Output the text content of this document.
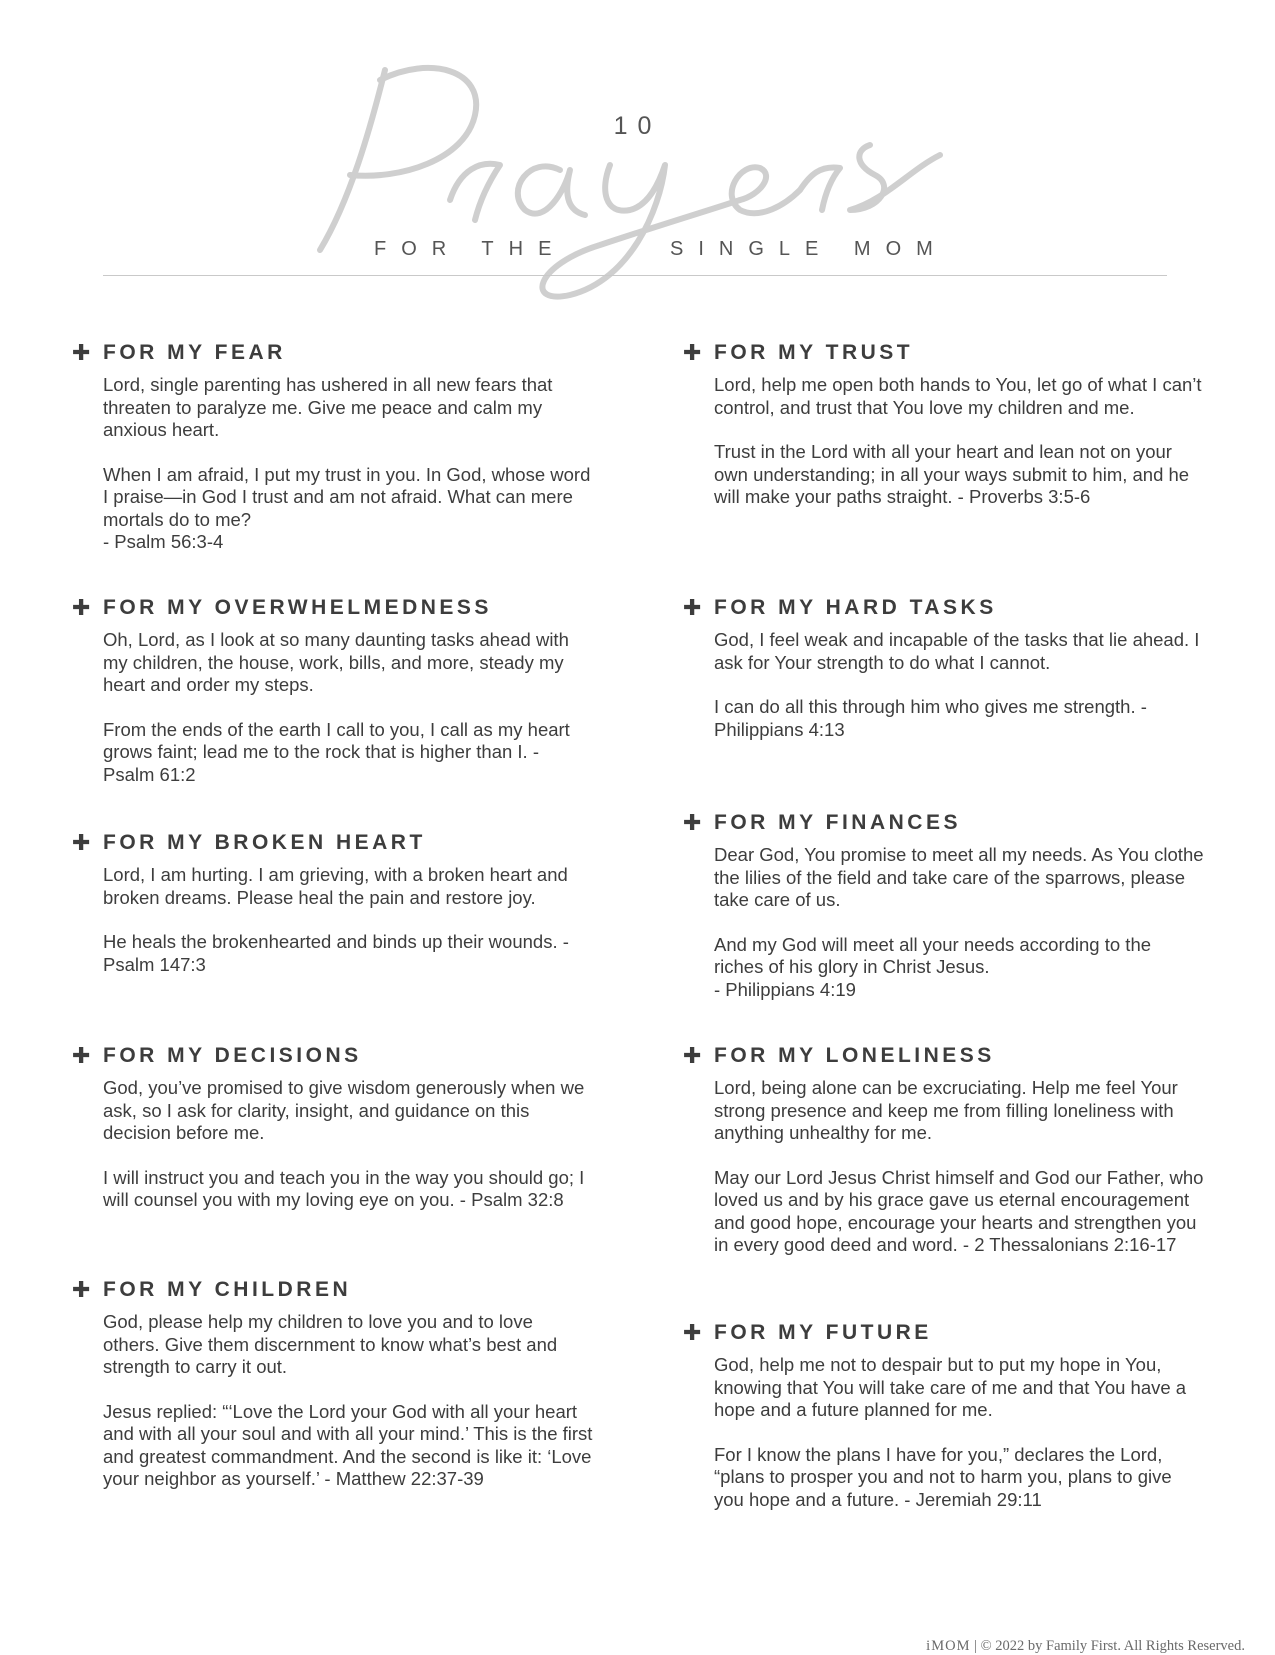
10
FOR THE	SINGLE MOM
✚ FOR MY FEAR

Lord, single parenting has ushered in all new fears that threaten to paralyze me. Give me peace and calm my anxious heart.

When I am afraid, I put my trust in you. In God, whose word I praise—in God I trust and am not afraid. What can mere mortals do to me?

- Psalm 56:3-4

✚ FOR MY OVERWHELMEDNESS

Oh, Lord, as I look at so many daunting tasks ahead with my children, the house, work, bills, and more, steady my heart and order my steps.

From the ends of the earth I call to you, I call as my heart grows faint; lead me to the rock that is higher than I. - Psalm 61:2

✚ FOR MY BROKEN HEART

Lord, I am hurting. I am grieving, with a broken heart and broken dreams. Please heal the pain and restore joy.

He heals the brokenhearted and binds up their wounds. - Psalm 147:3

✚ FOR MY DECISIONS

God, you’ve promised to give wisdom generously when we ask, so I ask for clarity, insight, and guidance on this decision before me.

I will instruct you and teach you in the way you should go; I will counsel you with my loving eye on you. - Psalm 32:8

✚ FOR MY CHILDREN

God, please help my children to love you and to love others. Give them discernment to know what’s best and strength to carry it out.

Jesus replied: “‘Love the Lord your God with all your heart and with all your soul and with all your mind.’ This is the first and greatest commandment. And the second is like it: ‘Love your neighbor as yourself.’ - Matthew 22:37-39

✚ FOR MY TRUST

Lord, help me open both hands to You, let go of what I can’t control, and trust that You love my children and me.

Trust in the Lord with all your heart and lean not on your own understanding; in all your ways submit to him, and he will make your paths straight. - Proverbs 3:5-6

✚ FOR MY HARD TASKS

God, I feel weak and incapable of the tasks that lie ahead. I ask for Your strength to do what I cannot.

I can do all this through him who gives me strength. - Philippians 4:13

✚ FOR MY FINANCES

Dear God, You promise to meet all my needs. As You clothe the lilies of the field and take care of the sparrows, please take care of us.

And my God will meet all your needs according to the riches of his glory in Christ Jesus.

- Philippians 4:19

✚ FOR MY LONELINESS

Lord, being alone can be excruciating. Help me feel Your strong presence and keep me from filling loneliness with anything unhealthy for me.

May our Lord Jesus Christ himself and God our Father, who loved us and by his grace gave us eternal encouragement and good hope, encourage your hearts and strengthen you in every good deed and word. - 2 Thessalonians 2:16-17

✚ FOR MY FUTURE

God, help me not to despair but to put my hope in You, knowing that You will take care of me and that You have a hope and a future planned for me.

For I know the plans I have for you,” declares the Lord, “plans to prosper you and not to harm you, plans to give you hope and a future. - Jeremiah 29:11

iMOM | © 2022 by Family First. All Rights Reserved.
